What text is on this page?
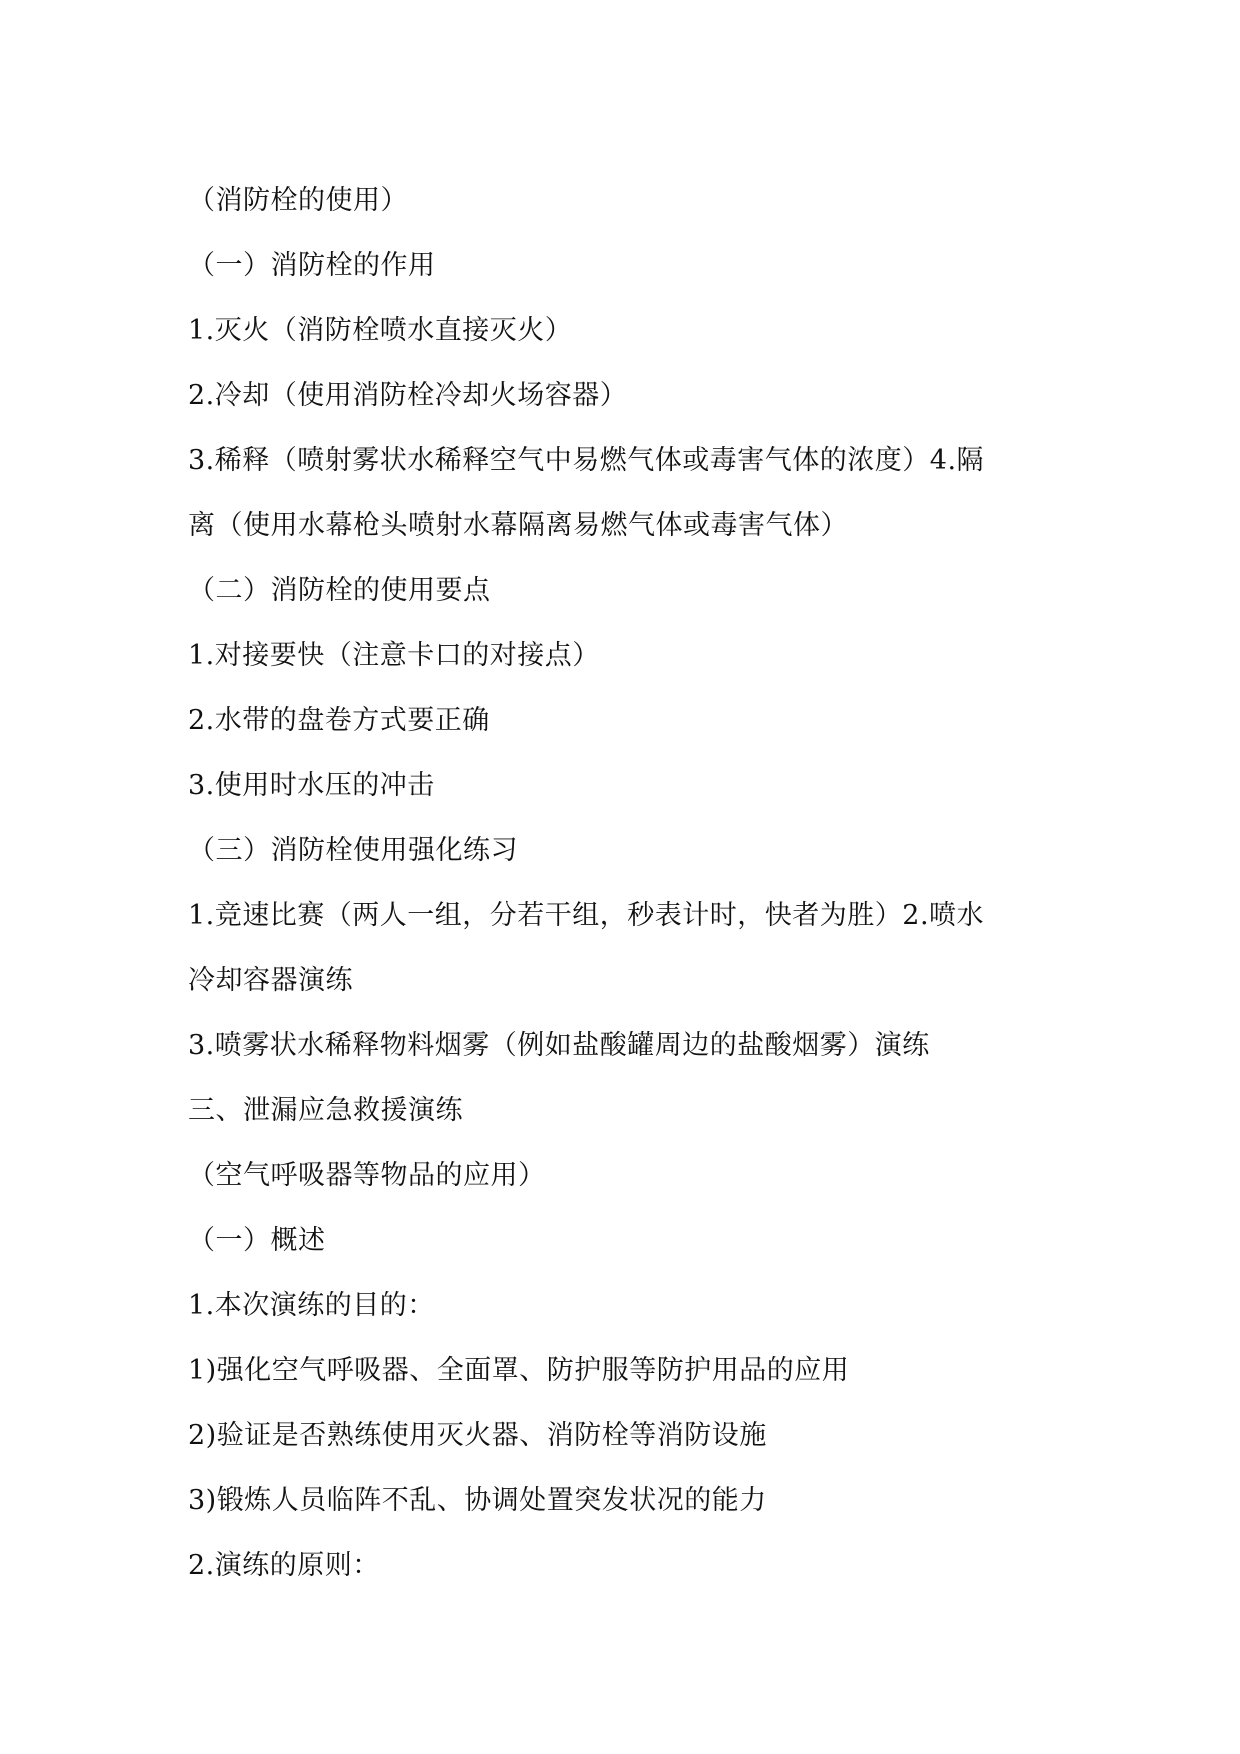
（消防栓的使用）
（一）消防栓的作用
1.灭火（消防栓喷水直接灭火）
2.冷却（使用消防栓冷却火场容器）
3.稀释（喷射雾状水稀释空气中易燃气体或毒害气体的浓度）4.隔
离（使用水幕枪头喷射水幕隔离易燃气体或毒害气体）
（二）消防栓的使用要点
1.对接要快（注意卡口的对接点）
2.水带的盘卷方式要正确
3.使用时水压的冲击
（三）消防栓使用强化练习
1.竞速比赛（两人一组，分若干组，秒表计时，快者为胜）2.喷水
冷却容器演练
3.喷雾状水稀释物料烟雾（例如盐酸罐周边的盐酸烟雾）演练
三、泄漏应急救援演练
（空气呼吸器等物品的应用）
（一）概述
1.本次演练的目的：
1)强化空气呼吸器、全面罩、防护服等防护用品的应用
2)验证是否熟练使用灭火器、消防栓等消防设施
3)锻炼人员临阵不乱、协调处置突发状况的能力
2.演练的原则：
